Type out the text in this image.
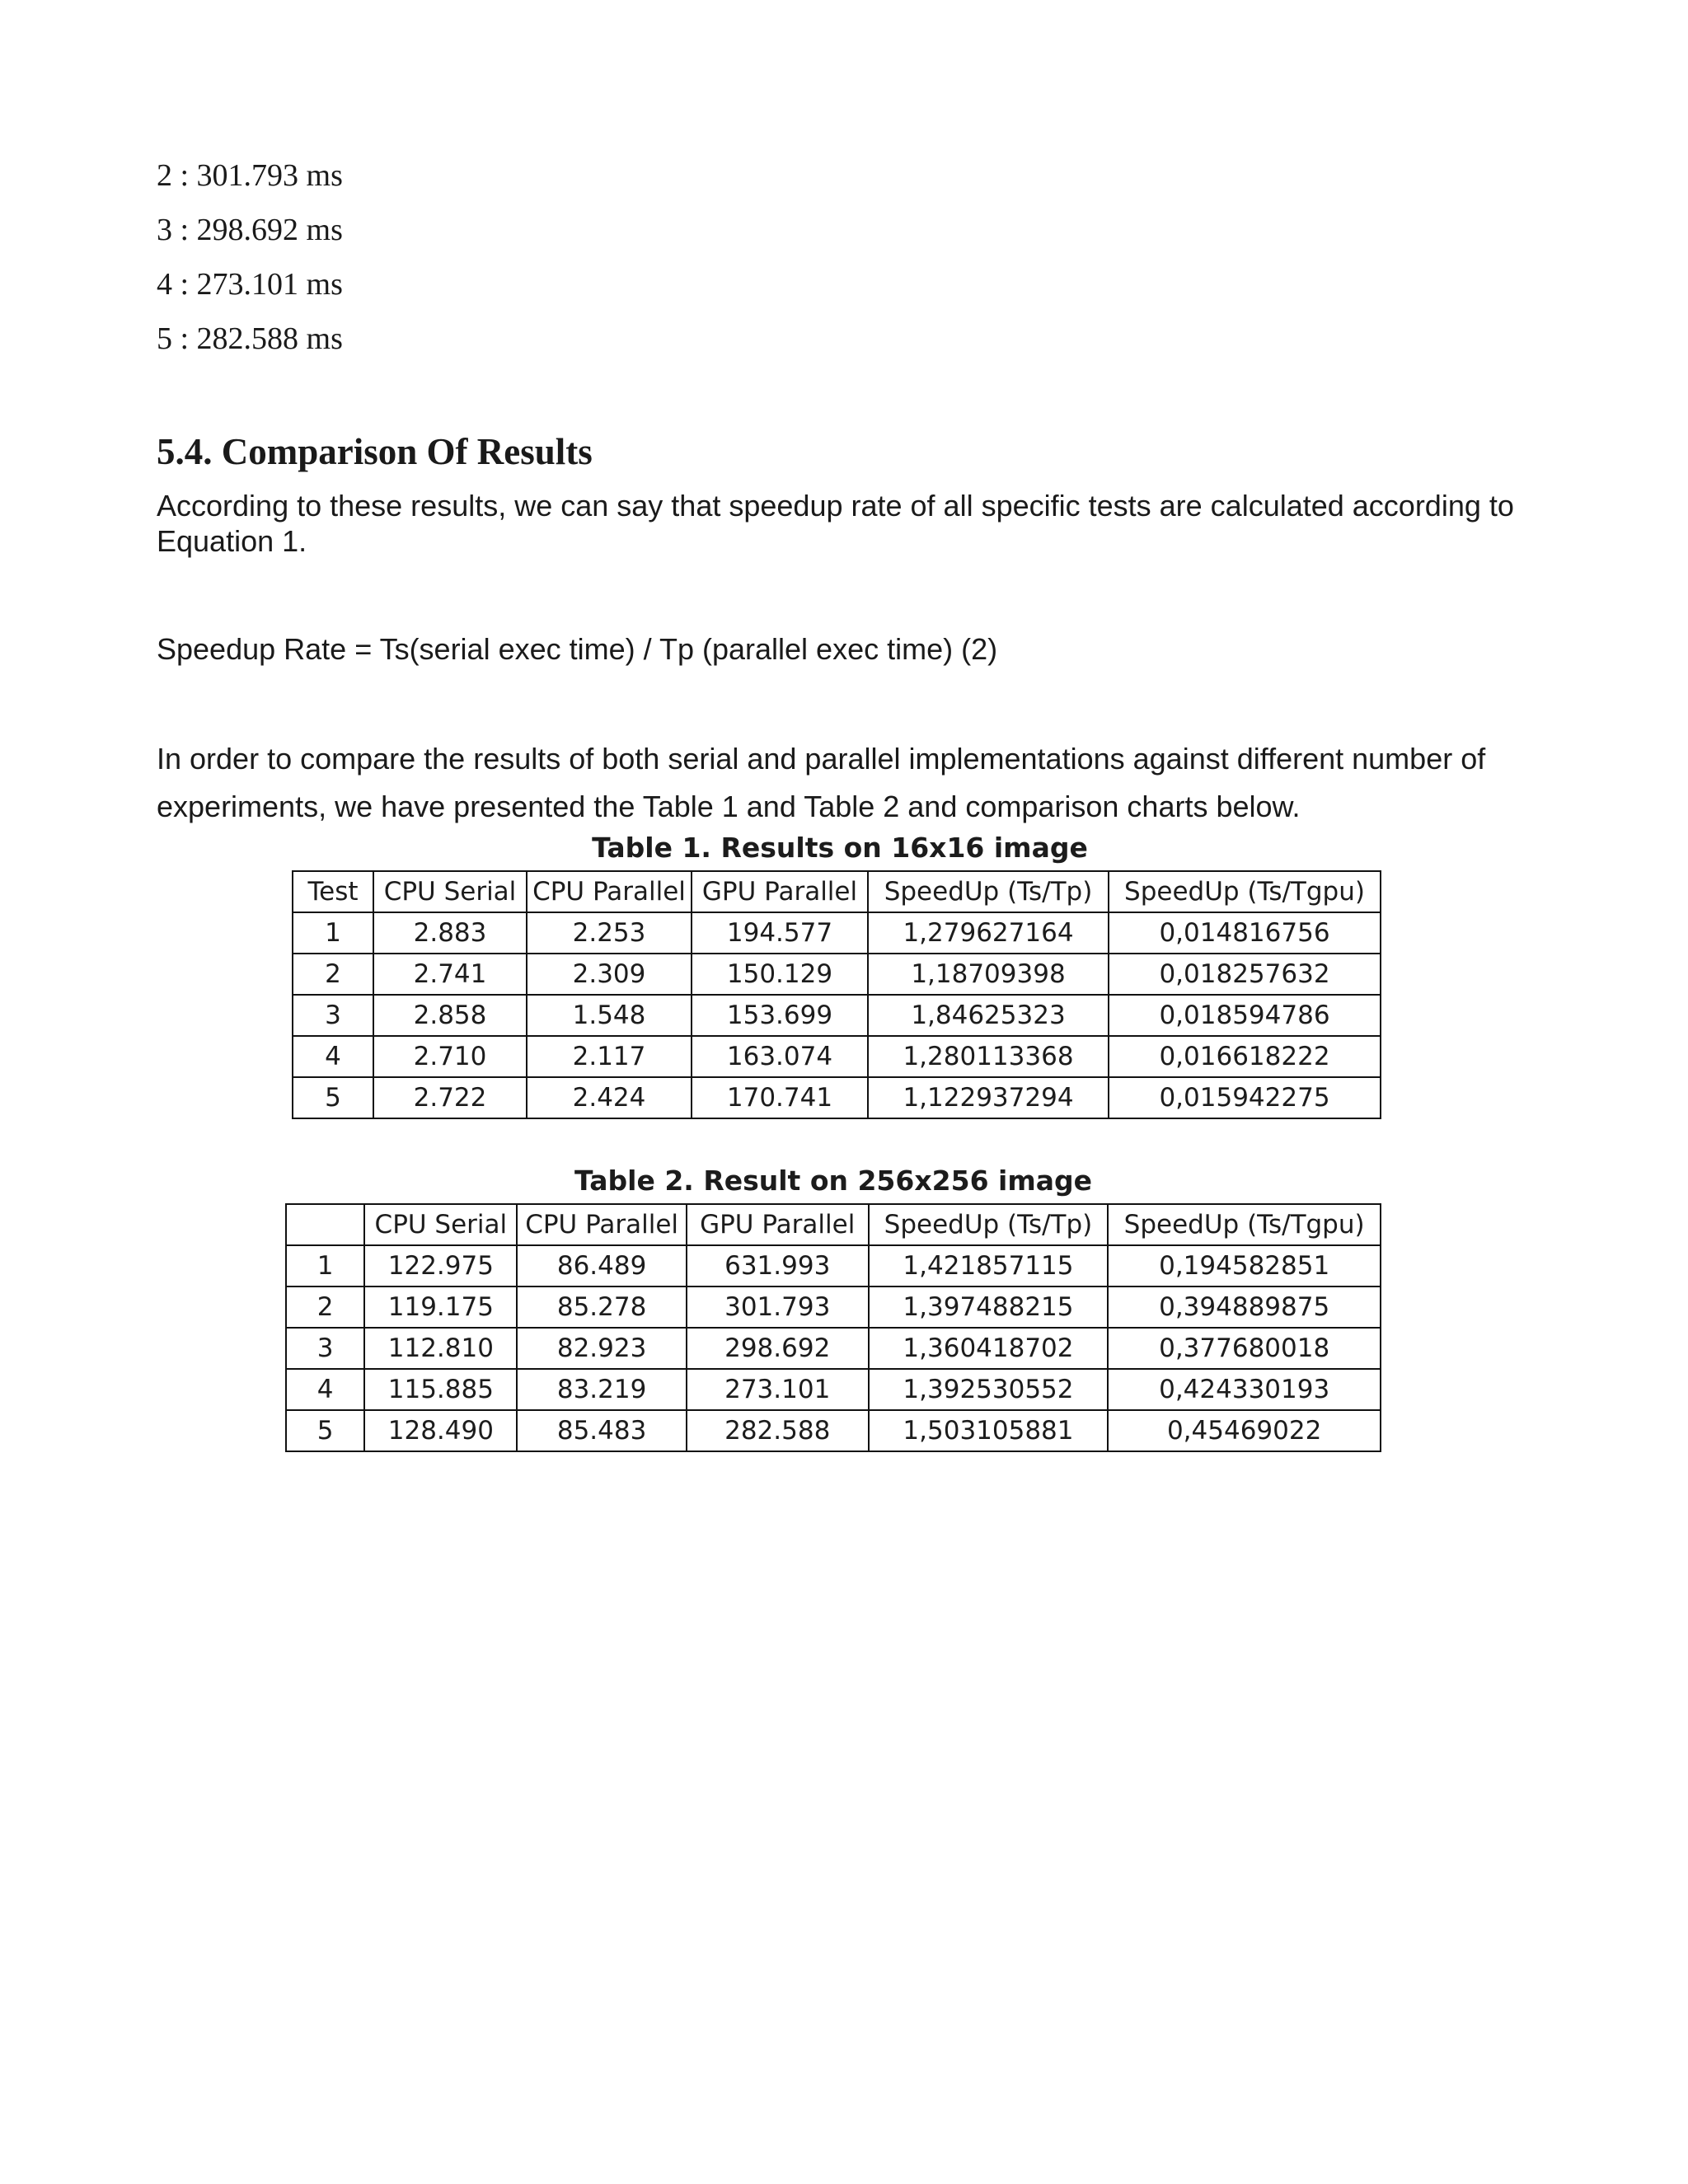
2 : 301.793 ms
3 : 298.692 ms
4 : 273.101 ms
5 : 282.588 ms
5.4. Comparison Of Results

According to these results, we can say that speedup rate of all specific tests are calculated according to Equation 1.

Speedup Rate = Ts(serial exec time) / Tp (parallel exec time) (2)

In order to compare the results of both serial and parallel implementations against different number of experiments, we have presented the Table 1 and Table 2 and comparison charts below.

Table 1. Results on 16x16 image
Test	CPU Serial	CPU Parallel	GPU Parallel	SpeedUp (Ts/Tp)	SpeedUp (Ts/Tgpu)
1	2.883	2.253	194.577	1,279627164	0,014816756
2	2.741	2.309	150.129	1,18709398	0,018257632
3	2.858	1.548	153.699	1,84625323	0,018594786
4	2.710	2.117	163.074	1,280113368	0,016618222
5	2.722	2.424	170.741	1,122937294	0,015942275
Table 2. Result on 256x256 image
	CPU Serial	CPU Parallel	GPU Parallel	SpeedUp (Ts/Tp)	SpeedUp (Ts/Tgpu)
1	122.975	86.489	631.993	1,421857115	0,194582851
2	119.175	85.278	301.793	1,397488215	0,394889875
3	112.810	82.923	298.692	1,360418702	0,377680018
4	115.885	83.219	273.101	1,392530552	0,424330193
5	128.490	85.483	282.588	1,503105881	0,45469022
